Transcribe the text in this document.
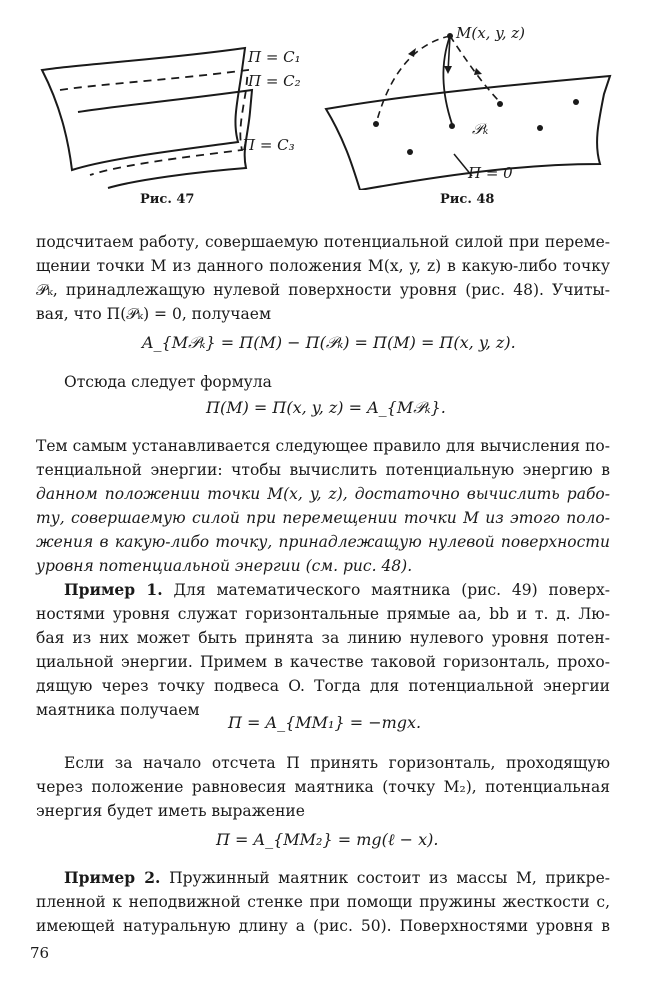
П = C₁
П = C₂
П = C₃
Рис. 47
M(x, y, z)
𝒫ₖ
П = 0
Рис. 48
подсчитаем работу, совершаемую потенциальной силой при переме-
щении точки M из данного положения M(x, y, z) в какую-либо точку
𝒫ₖ, принадлежащую нулевой поверхности уровня (рис. 48). Учиты-
вая, что П(𝒫ₖ) = 0, получаем
A_{M𝒫ₖ} = П(M) − П(𝒫ₖ) = П(M) = П(x, y, z).
Отсюда следует формула
П(M) = П(x, y, z) = A_{M𝒫ₖ}.
Тем самым устанавливается следующее правило для вычисления по-
тенциальной энергии: чтобы вычислить потенциальную энергию в
данном положении точки M(x, y, z), достаточно вычислить рабо-
ту, совершаемую силой при перемещении точки M из этого поло-
жения в какую-либо точку, принадлежащую нулевой поверхности
уровня потенциальной энергии (см. рис. 48).
Пример 1. Для математического маятника (рис. 49) поверх-
ностями уровня служат горизонтальные прямые aa, bb и т. д. Лю-
бая из них может быть принята за линию нулевого уровня потен-
циальной энергии. Примем в качестве таковой горизонталь, прохо-
дящую через точку подвеса O. Тогда для потенциальной энергии
маятника получаем
П = A_{MM₁} = −mgx.
Если за начало отсчета П принять горизонталь, проходящую
через положение равновесия маятника (точку M₂), потенциальная
энергия будет иметь выражение
П = A_{MM₂} = mg(ℓ − x).
Пример 2. Пружинный маятник состоит из массы M, прикре-
пленной к неподвижной стенке при помощи пружины жесткости c,
имеющей натуральную длину a (рис. 50). Поверхностями уровня в
76
